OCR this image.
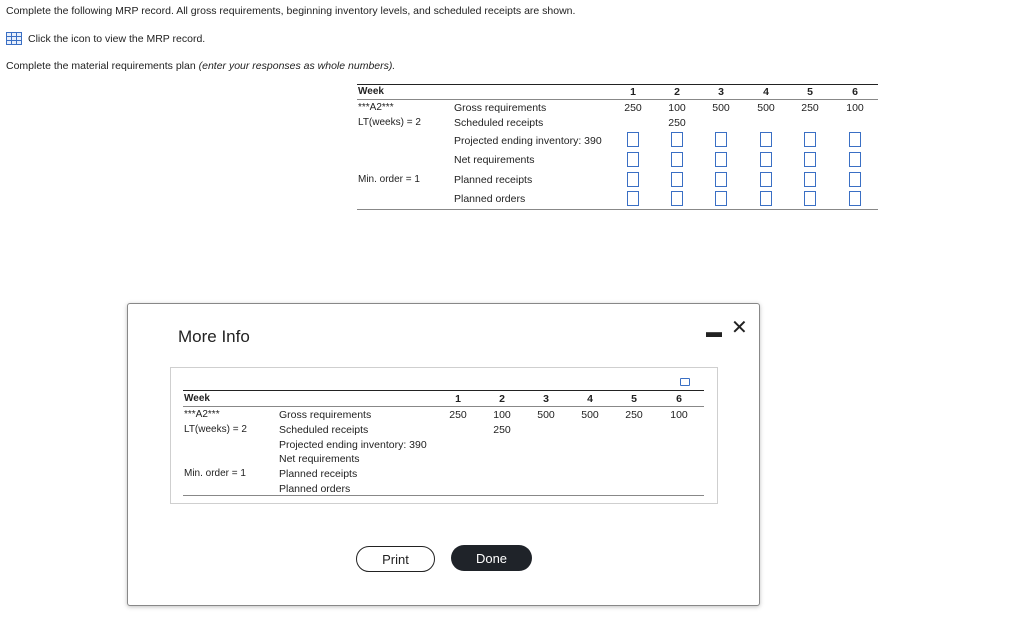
Complete the following MRP record. All gross requirements, beginning inventory levels, and scheduled receipts are shown.
Click the icon to view the MRP record.
Complete the material requirements plan (enter your responses as whole numbers).
Week
***A2***
LT(weeks) = 2
Min. order = 1
Gross requirements
Scheduled receipts
Projected ending inventory: 390
Net requirements
Planned receipts
Planned orders
1
250
2
100
250
3
500
4
500
5
250
6
100
More Info	▬ ✕
Week
***A2***
LT(weeks) = 2
Min. order = 1
Gross requirements
Scheduled receipts
Projected ending inventory: 390
Net requirements
Planned receipts
Planned orders
1
250
2
100
250
3
500
4
500
5
250
6
100
Print	Done
